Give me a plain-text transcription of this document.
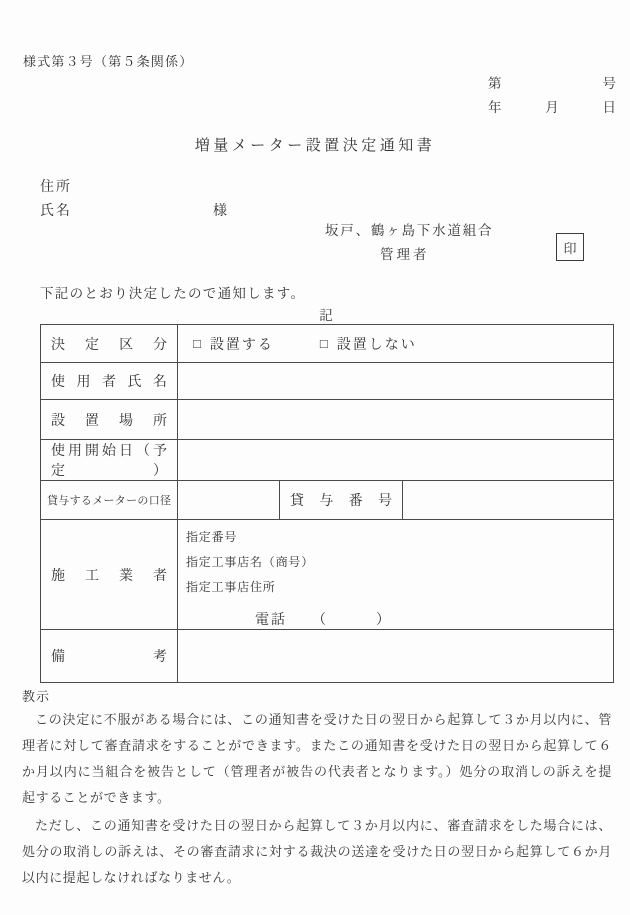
様式第３号（第５条関係）
第	号
年	月	日
増量メーター設置決定通知書
住所
氏名	様
坂戸、鶴ヶ島下水道組合
管理者	印
下記のとおり決定したので通知します。
記
決定区分	□ 設置する □ 設置しない		

使用者氏名			
設置場所			
使用開始日（予定）			
貸与するメーターの口径		貸与番号	
施工業者	指定番号
指定工事店名（商号）
指定工事店住所
電話　　（　　　）		

備考			
教示

この決定に不服がある場合には、この通知書を受けた日の翌日から起算して３か月以内に、管理者に対して審査請求をすることができます。またこの通知書を受けた日の翌日から起算して６か月以内に当組合を被告として（管理者が被告の代表者となります。）処分の取消しの訴えを提起することができます。

ただし、この通知書を受けた日の翌日から起算して３か月以内に、審査請求をした場合には、処分の取消しの訴えは、その審査請求に対する裁決の送達を受けた日の翌日から起算して６か月以内に提起しなければなりません。
